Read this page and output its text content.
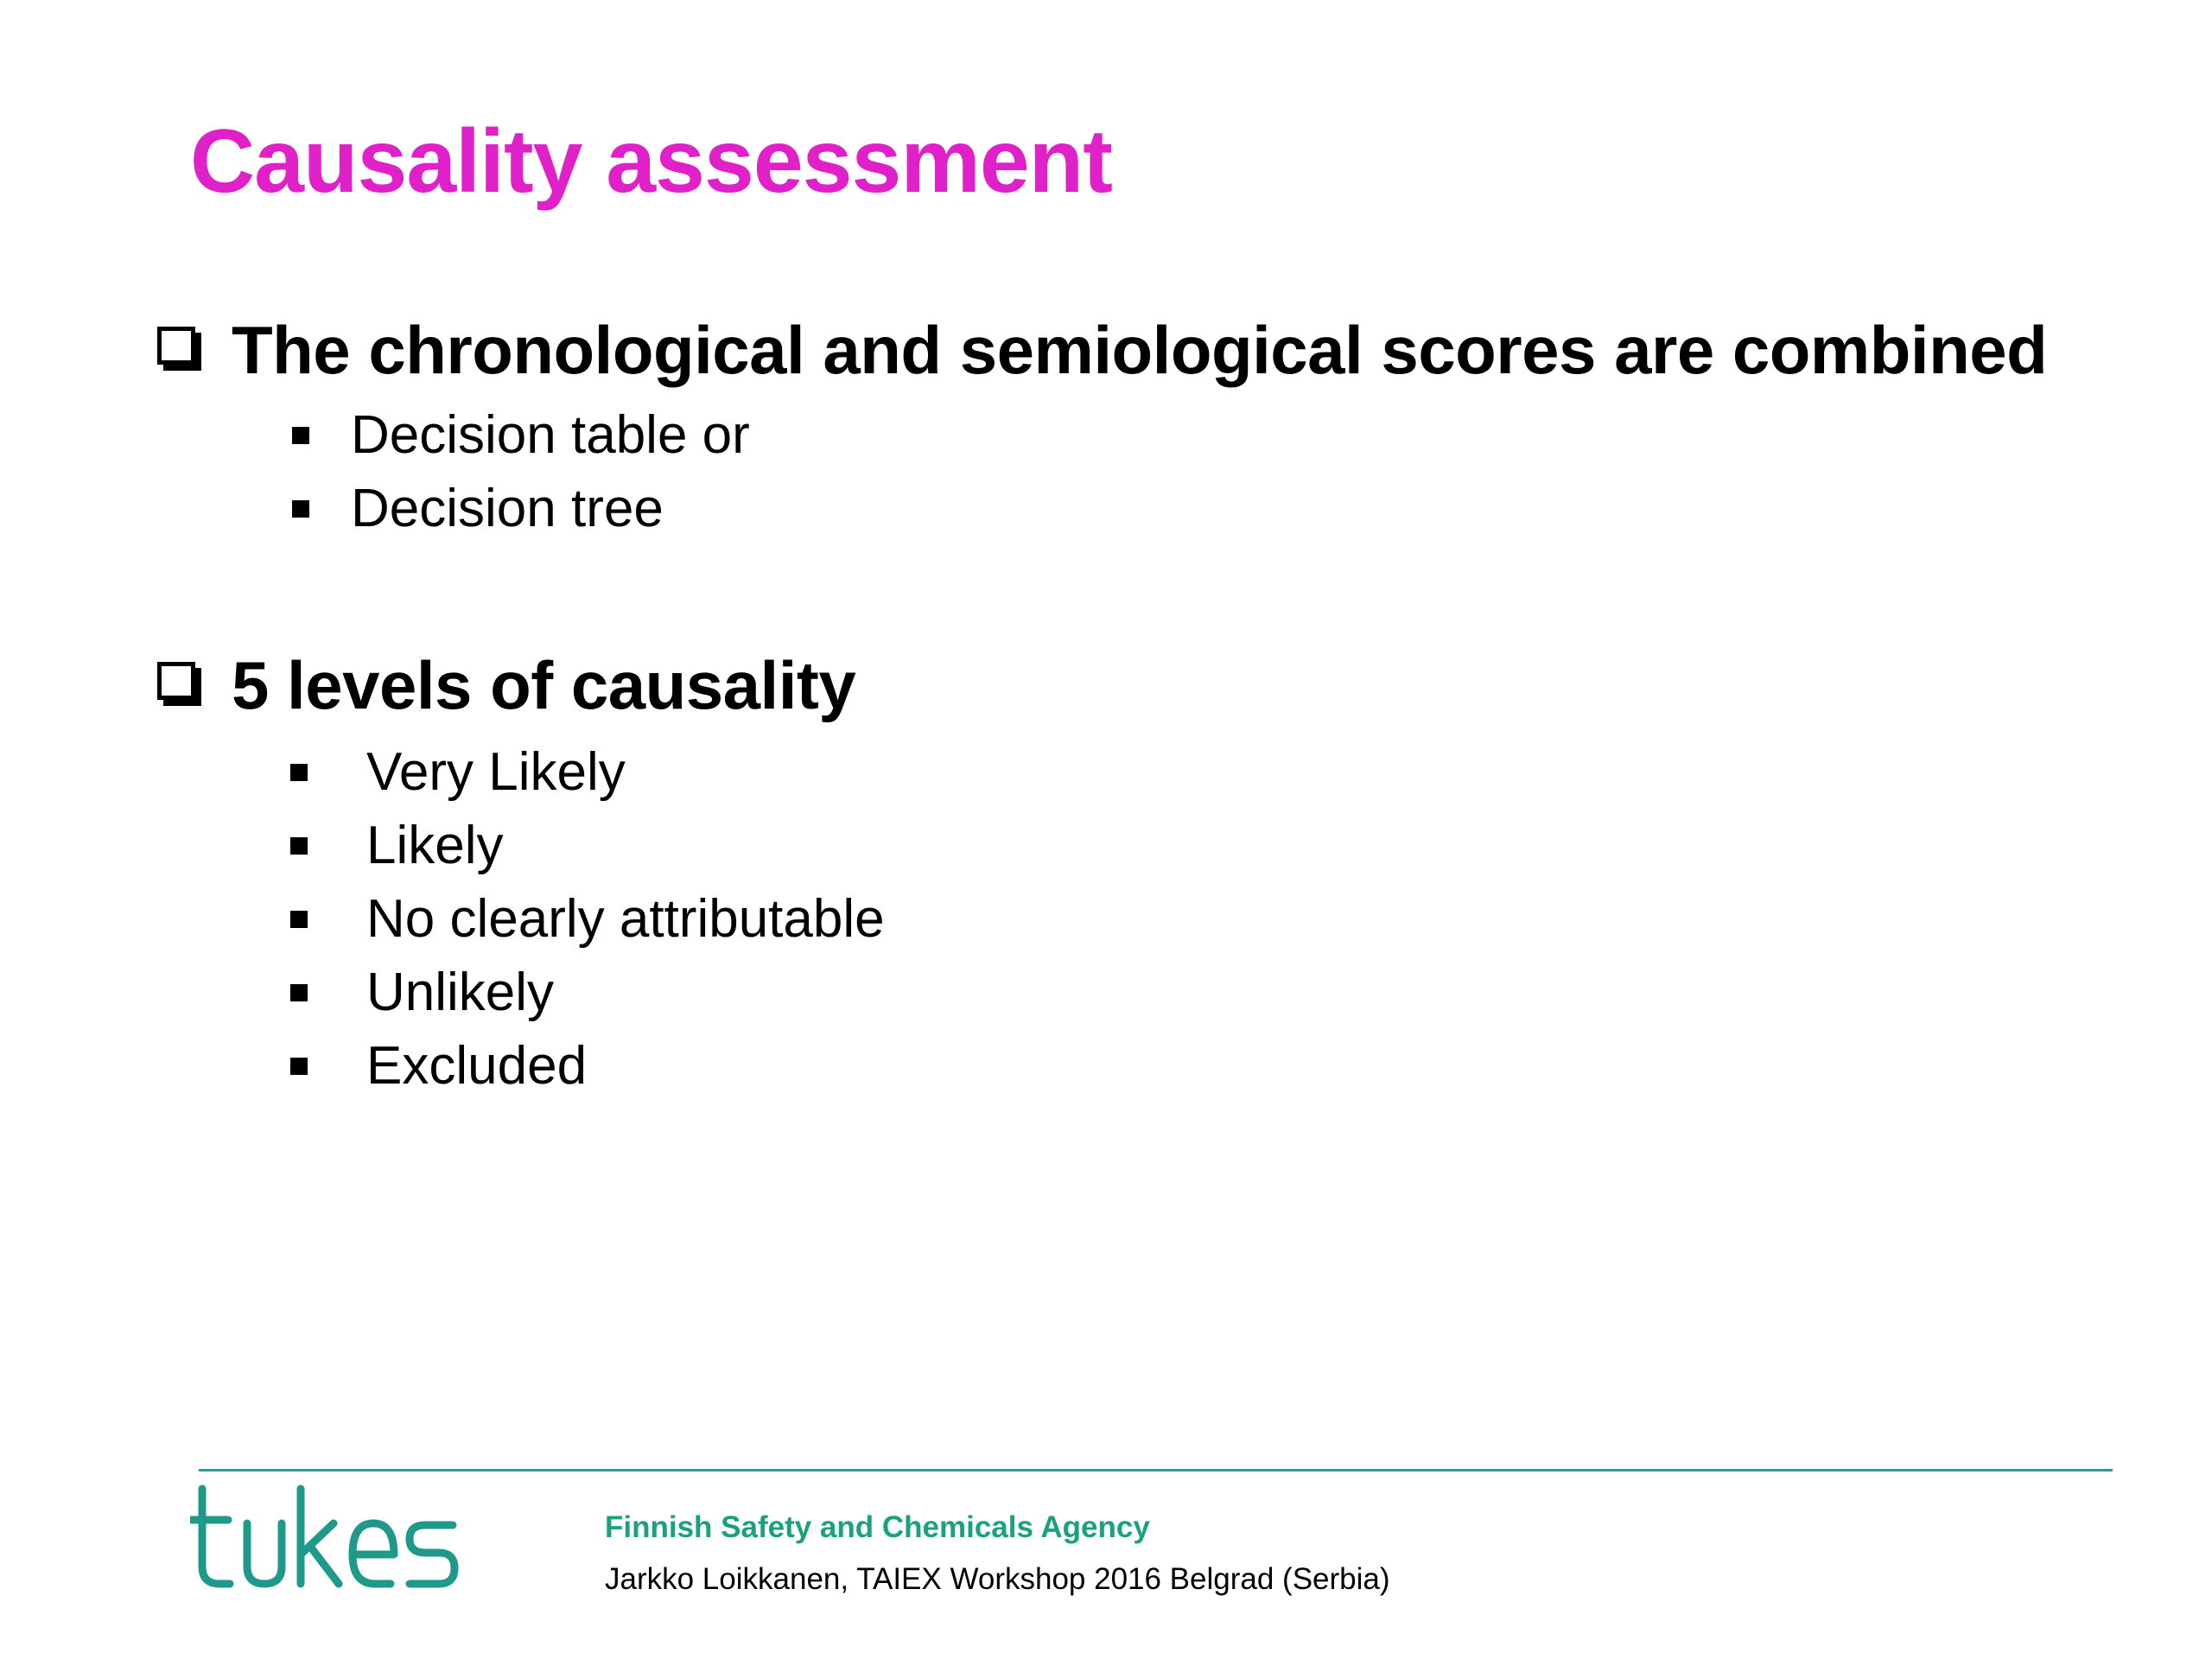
Causality assessment
The chronological and semiological scores are combined
Decision table or
Decision tree
5 levels of causality
Very Likely
Likely
No clearly attributable
Unlikely
Excluded
Finnish Safety and Chemicals Agency
Jarkko Loikkanen, TAIEX Workshop 2016 Belgrad (Serbia)
